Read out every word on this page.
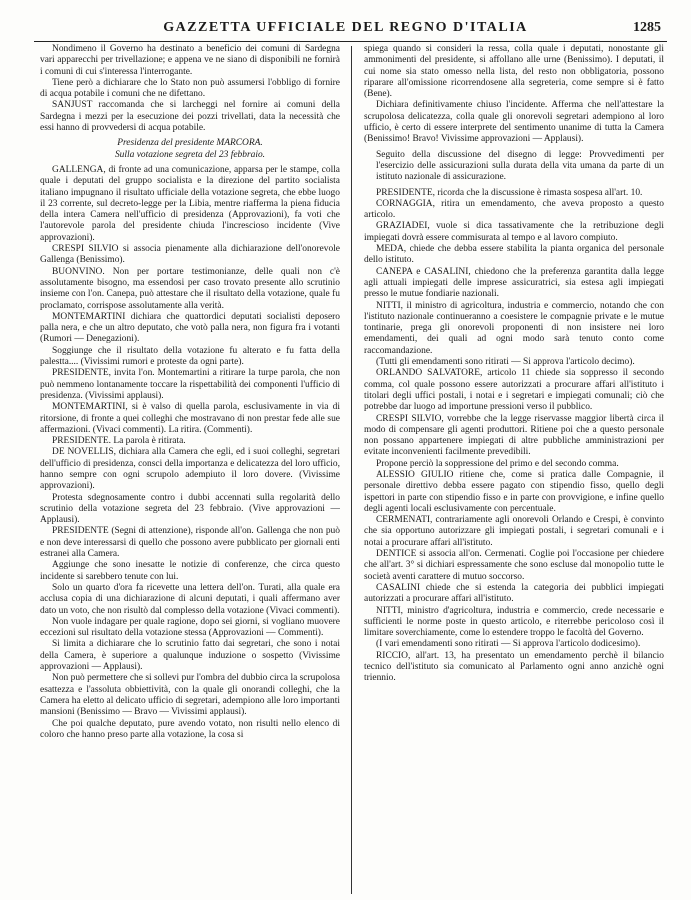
GAZZETTA UFFICIALE DEL REGNO D'ITALIA	1285

Nondimeno il Governo ha destinato a beneficio dei comuni di Sardegna vari apparecchi per trivellazione; e appena ve ne siano di disponibili ne fornirà i comuni di cui s'interessa l'interrogante.

Tiene però a dichiarare che lo Stato non può assumersi l'obbligo di fornire di acqua potabile i comuni che ne difettano.

SANJUST raccomanda che si larcheggi nel fornire ai comuni della Sardegna i mezzi per la esecuzione dei pozzi trivellati, data la necessità che essi hanno di provvedersi di acqua potabile.

Presidenza del presidente MARCORA.

Sulla votazione segreta del 23 febbraio.

GALLENGA, di fronte ad una comunicazione, apparsa per le stampe, colla quale i deputati del gruppo socialista e la direzione del partito socialista italiano impugnano il risultato ufficiale della votazione segreta, che ebbe luogo il 23 corrente, sul decreto-legge per la Libia, mentre riafferma la piena fiducia della intera Camera nell'ufficio di presidenza (Approvazioni), fa voti che l'autorevole parola del presidente chiuda l'increscioso incidente (Vive approvazioni).

CRESPI SILVIO si associa pienamente alla dichiarazione dell'onorevole Gallenga (Benissimo).

BUONVINO. Non per portare testimonianze, delle quali non c'è assolutamente bisogno, ma essendosi per caso trovato presente allo scrutinio insieme con l'on. Canepa, può attestare che il risultato della votazione, quale fu proclamato, corrispose assolutamente alla verità.

MONTEMARTINI dichiara che quattordici deputati socialisti deposero palla nera, e che un altro deputato, che votò palla nera, non figura fra i votanti (Rumori — Denegazioni).

Soggiunge che il risultato della votazione fu alterato e fu fatta della palestta.... (Vivissimi rumori e proteste da ogni parte).

PRESIDENTE, invita l'on. Montemartini a ritirare la turpe parola, che non può nemmeno lontanamente toccare la rispettabilità dei componenti l'ufficio di presidenza. (Vivissimi applausi).

MONTEMARTINI, si è valso di quella parola, esclusivamente in via di ritorsione, di fronte a quei colleghi che mostravano di non prestar fede alle sue affermazioni. (Vivaci commenti). La ritira. (Commenti).

PRESIDENTE. La parola è ritirata.

DE NOVELLIS, dichiara alla Camera che egli, ed i suoi colleghi, segretari dell'ufficio di presidenza, consci della importanza e delicatezza del loro ufficio, hanno sempre con ogni scrupolo adempiuto il loro dovere. (Vivissime approvazioni).

Protesta sdegnosamente contro i dubbi accennati sulla regolarità dello scrutinio della votazione segreta del 23 febbraio. (Vive approvazioni — Applausi).

PRESIDENTE (Segni di attenzione), risponde all'on. Gallenga che non può e non deve interessarsi di quello che possono avere pubblicato per giornali enti estranei alla Camera.

Aggiunge che sono inesatte le notizie di conferenze, che circa questo incidente si sarebbero tenute con lui.

Solo un quarto d'ora fa ricevette una lettera dell'on. Turati, alla quale era acclusa copia di una dichiarazione di alcuni deputati, i quali affermano aver dato un voto, che non risultò dal complesso della votazione (Vivaci commenti).

Non vuole indagare per quale ragione, dopo sei giorni, si vogliano muovere eccezioni sul risultato della votazione stessa (Approvazioni — Commenti).

Si limita a dichiarare che lo scrutinio fatto dai segretari, che sono i notai della Camera, è superiore a qualunque induzione o sospetto (Vivissime approvazioni — Applausi).

Non può permettere che si sollevi pur l'ombra del dubbio circa la scrupolosa esattezza e l'assoluta obbiettività, con la quale gli onorandi colleghi, che la Camera ha eletto al delicato ufficio di segretari, adempiono alle loro importanti mansioni (Benissimo — Bravo — Vivissimi applausi).

Che poi qualche deputato, pure avendo votato, non risulti nello elenco di coloro che hanno preso parte alla votazione, la cosa si

spiega quando si consideri la ressa, colla quale i deputati, nonostante gli ammonimenti del presidente, si affollano alle urne (Benissimo). I deputati, il cui nome sia stato omesso nella lista, del resto non obbligatoria, possono riparare all'omissione ricorrendosene alla segreteria, come sempre si è fatto (Bene).

Dichiara definitivamente chiuso l'incidente. Afferma che nell'attestare la scrupolosa delicatezza, colla quale gli onorevoli segretari adempiono al loro ufficio, è certo di essere interprete del sentimento unanime di tutta la Camera (Benissimo! Bravo! Vivissime approvazioni — Applausi).

Seguito della discussione del disegno di legge: Provvedimenti per l'esercizio delle assicurazioni sulla durata della vita umana da parte di un istituto nazionale di assicurazione.

PRESIDENTE, ricorda che la discussione è rimasta sospesa all'art. 10.

CORNAGGIA, ritira un emendamento, che aveva proposto a questo articolo.

GRAZIADEI, vuole si dica tassativamente che la retribuzione degli impiegati dovrà essere commisurata al tempo e al lavoro compiuto.

MEDA, chiede che debba essere stabilita la pianta organica del personale dello istituto.

CANEPA e CASALINI, chiedono che la preferenza garantita dalla legge agli attuali impiegati delle imprese assicuratrici, sia estesa agli impiegati presso le mutue fondiarie nazionali.

NITTI, il ministro di agricoltura, industria e commercio, notando che con l'istituto nazionale continueranno a coesistere le compagnie private e le mutue tontinarie, prega gli onorevoli proponenti di non insistere nei loro emendamenti, dei quali ad ogni modo sarà tenuto conto come raccomandazione.

(Tutti gli emendamenti sono ritirati — Si approva l'articolo decimo).

ORLANDO SALVATORE, articolo 11 chiede sia soppresso il secondo comma, col quale possono essere autorizzati a procurare affari all'istituto i titolari degli uffici postali, i notai e i segretari e impiegati comunali; ciò che potrebbe dar luogo ad importune pressioni verso il pubblico.

CRESPI SILVIO, vorrebbe che la legge riservasse maggior libertà circa il modo di compensare gli agenti produttori. Ritiene poi che a questo personale non possano appartenere impiegati di altre pubbliche amministrazioni per evitate inconvenienti facilmente prevedibili.

Propone perciò la soppressione del primo e del secondo comma.

ALESSIO GIULIO ritiene che, come si pratica dalle Compagnie, il personale direttivo debba essere pagato con stipendio fisso, quello degli ispettori in parte con stipendio fisso e in parte con provvigione, e infine quello degli agenti locali esclusivamente con percentuale.

CERMENATI, contrariamente agli onorevoli Orlando e Crespi, è convinto che sia opportuno autorizzare gli impiegati postali, i segretari comunali e i notai a procurare affari all'istituto.

DENTICE si associa all'on. Cermenati. Coglie poi l'occasione per chiedere che all'art. 3° si dichiari espressamente che sono escluse dal monopolio tutte le società aventi carattere di mutuo soccorso.

CASALINI chiede che si estenda la categoria dei pubblici impiegati autorizzati a procurare affari all'istituto.

NITTI, ministro d'agricoltura, industria e commercio, crede necessarie e sufficienti le norme poste in questo articolo, e riterrebbe pericoloso così il limitare soverchiamente, come lo estendere troppo le facoltà del Governo.

(I vari emendamenti sono ritirati — Si approva l'articolo dodicesimo).

RICCIO, all'art. 13, ha presentato un emendamento perchè il bilancio tecnico dell'istituto sia comunicato al Parlamento ogni anno anzichè ogni triennio.
